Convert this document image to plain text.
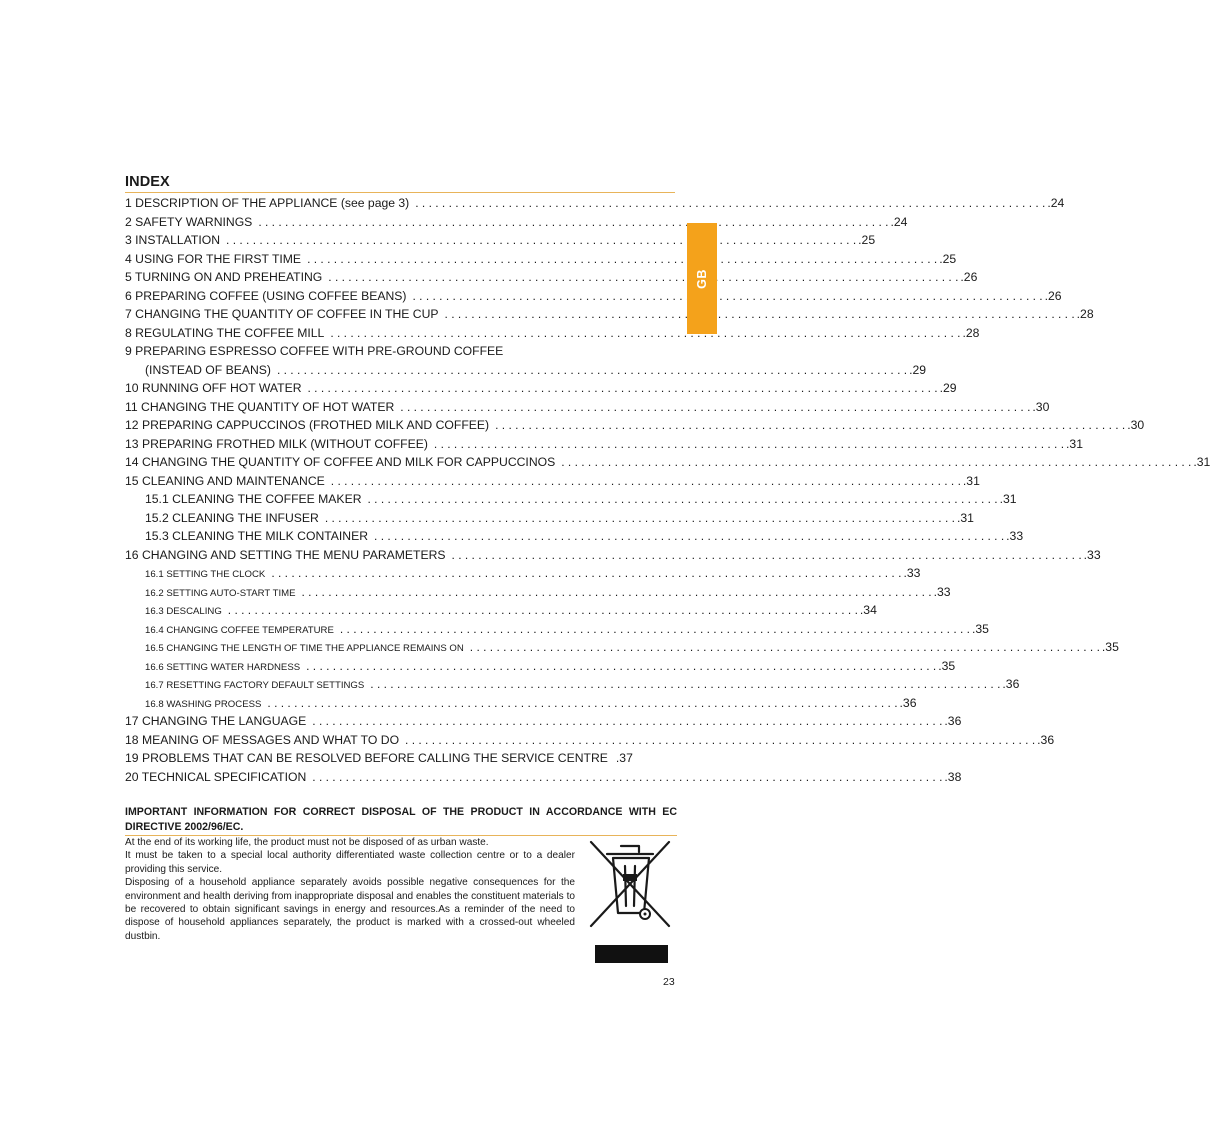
INDEX
1 DESCRIPTION OF THE APPLIANCE (see page 3) . . .	.24
2 SAFETY WARNINGS . . .	.24
3 INSTALLATION . . .	.25
4 USING FOR THE FIRST TIME . . .	.25
5 TURNING ON AND PREHEATING . . .	.26
6 PREPARING COFFEE (USING COFFEE BEANS) . . .	.26
7 CHANGING THE QUANTITY OF COFFEE IN THE CUP . . .	.28
8 REGULATING THE COFFEE MILL . . .	.28
9 PREPARING ESPRESSO COFFEE WITH PRE-GROUND COFFEE
(INSTEAD OF BEANS) . . .	.29
10 RUNNING OFF HOT WATER . . .	.29
11 CHANGING THE QUANTITY OF HOT WATER . . .	.30
12 PREPARING CAPPUCCINOS (FROTHED MILK AND COFFEE) . . .	.30
13 PREPARING FROTHED MILK (WITHOUT COFFEE) . . .	.31
14 CHANGING THE QUANTITY OF COFFEE AND MILK FOR CAPPUCCINOS . . .	.31
15 CLEANING AND MAINTENANCE . . .	.31
15.1 CLEANING THE COFFEE MAKER . . .	.31
15.2 CLEANING THE INFUSER . . .	.31
15.3 CLEANING THE MILK CONTAINER . . .	.33
16 CHANGING AND SETTING THE MENU PARAMETERS . . .	.33
16.1 SETTING THE CLOCK . . .	.33
16.2 SETTING AUTO-START TIME . . .	.33
16.3 DESCALING . . .	.34
16.4 CHANGING COFFEE TEMPERATURE . . .	.35
16.5 CHANGING THE LENGTH OF TIME THE APPLIANCE REMAINS ON . . .	.35
16.6 SETTING WATER HARDNESS . . .	.35
16.7 RESETTING FACTORY DEFAULT SETTINGS . . .	.36
16.8 WASHING PROCESS . . .	.36
17 CHANGING THE LANGUAGE . . .	.36
18 MEANING OF MESSAGES AND WHAT TO DO . . .	.36
19 PROBLEMS THAT CAN BE RESOLVED BEFORE CALLING THE SERVICE CENTRE .37
20 TECHNICAL SPECIFICATION . . .	.38
GB
IMPORTANT INFORMATION FOR CORRECT DISPOSAL OF THE PRODUCT IN ACCORDANCE WITH EC DIRECTIVE 2002/96/EC.

At the end of its working life, the product must not be disposed of as urban waste.

It must be taken to a special local authority differentiated waste collection centre or to a dealer providing this service.

Disposing of a household appliance separately avoids possible negative consequences for the environment and health deriving from inappropriate disposal and enables the constituent materials to be recovered to obtain significant savings in energy and resources.As a reminder of the need to dispose of household appliances separately, the product is marked with a crossed-out wheeled dustbin.

23
